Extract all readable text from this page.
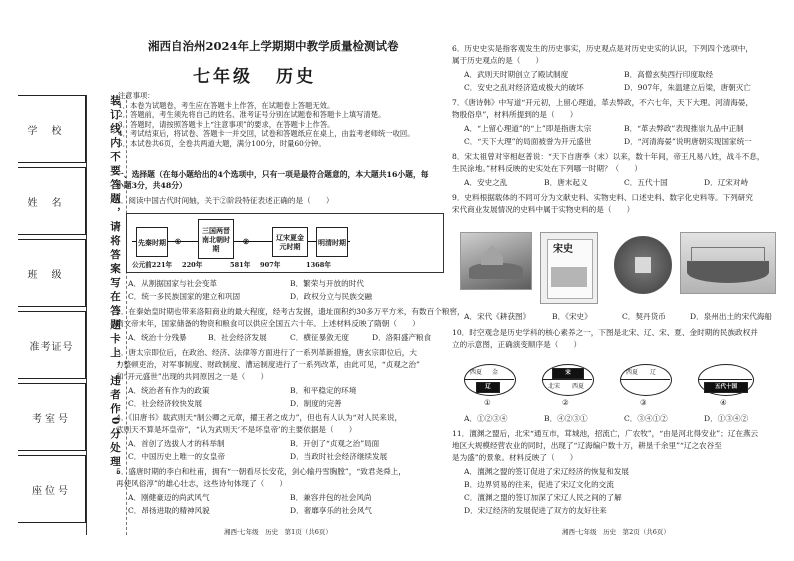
学校
姓名
班级
准考证号
考室号
座位号
装订线内不要答题，请将答案写在答题卡上，违者作0分处理。
湘西自治州2024年上学期期中教学质量检测试卷
七年级 历史
注意事项：
1．本卷为试题卷，考生应在答题卡上作答，在试题卷上答题无效。
2．答题前，考生须先将自己的姓名、准考证号分别在试题卷和答题卡上填写清楚。
3．答题时，请按照答题卡上“注意事项”的要求，在答题卡上作答。
4．考试结束后，将试卷、答题卡一并交回，试卷和答题纸应在桌上，由监考老师统一收回。
5．本试卷共6页，全卷共两道大题，满分100分，时量60分钟。
一、选择题（在每小题给出的4个选项中，只有一项是最符合题意的，本大题共16小题，每
小题3分，共48分）
1．阅读中国古代时间轴，关于②阶段特征表述正确的是（　　）
先秦时期	①
三国两晋南北朝时期
②	辽宋夏金元时期	明清时期
公元前221年 220年	581年 907年	1368年
A．从割据国家与社会变革	B．繁荣与开放的时代
C．统一多民族国家的建立和巩固	D．政权分立与民族交融
2．在秦始皇时期也带来洛阳商业的最大程度，经考古发掘，遗址面积约30多万平方米，有数百个粮窖，
隋文帝末年，国家储备的物资和粮食可以供应全国五六十年。上述材料反映了隋朝（　　）
A．统治十分残暴	B．社会经济发展	C．横征暴敛无度	D．洛阳盛产粮食
3．唐太宗即位后，在政治、经济、法律等方面进行了一系列革新措施，唐玄宗即位后，大
力整顿吏治，对军事制度、财政制度、漕运制度进行了一系列改革，由此可见，“贞观之治”
和“开元盛世”出现的共同原因之一是（　　）
A．统治者有作为的政策	B．和平稳定的环境
C．社会经济较快发展	D．制度的完善
4．《旧唐书》载武则天“制公卿之元章，擢王者之成力”，但也有人认为“对人民来说，
武则天不算是坏皇帝”，“认为武则天‘不是坏皇帝’的主要依据是（　　）
A．首创了选拔人才的科举制	B．开创了“贞观之治”局面
C．中国历史上唯一的女皇帝	D．当政时社会经济继续发展
5．盛唐时期的李白和杜甫，拥有“一朝看尽长安花，剑心输丹雪胸膛”，“致君尧舜上，
再使风俗淳”的雄心壮志，这些诗句体现了（　　）
A．刚健豪迈的尚武风气	B．兼容并包的社会风尚
C．昂扬进取的精神风貌	D．奢靡享乐的社会风气
湘西·七年级　历史　第1页（共6页）
6．历史史实是指客观发生的历史事实，历史观点是对历史史实的认识，下列四个选项中，
属于历史观点的是（　　）
A．武则天时期创立了殿试制度	B．高僧玄奘西行印度取经
C．安史之乱对经济造成极大的破坏	D．907年，朱温建立后梁，唐朝灭亡
7．《唐诗韩》中写道“开元初，上留心理道，革去弊政，不六七年，天下大理。河清海晏，
物殷俗阜”，材料所提到的是（　　）
A．“上留心理道”的“上”即是指唐太宗	B．“革去弊政”表现推崇九品中正制
C．“天下大理”的局面被誉为开元盛世	D．“河清海晏”说明唐朝实现国家统一
8．宋太祖曾对宰相赵普说：“天下自唐季（末）以来，数十年间，帝王凡易八姓，战斗不息，
生民涂地。”材料反映的史实处在下列哪一时期？（　　）
A．安史之乱	B．唐末起义	C．五代十国	D．辽宋对峙
9．史料根据载体的不同可分为文献史料、实物史料、口述史料、数字化史料等。下列研究
宋代商业发展情况的史料中属于实物史料的是（　　）
宋史
A．宋代《耕获图》	B．《宋史》	C．契丹货币	D．泉州出土的宋代海船
10．时空观念是历史学科的核心素养之一，下图是北宋、辽、宋、夏、金时期的民族政权并
立的示意图，正确演变顺序是（　　）
西夏 金
辽
①
宋
北宋 西夏
②
西夏 辽
③
五代十国
④
A．①②③④	B．④②③①	C．③④①②	D．①③④②
11．澶渊之盟后，北宋“通互市，茸城池，招流亡，广农牧”，“由是河北得安业”；辽在燕云
地区大规模经营农业的同时，出现了“辽海编户数十万，耕垦千余里”“辽之农谷至
是为盛”的景象。材料反映了（　　）
A．澶渊之盟的签订促进了宋辽经济的恢复和发展
B．边界贸易的往来，促进了宋辽文化的交流
C．澶渊之盟的签订加深了宋辽人民之间的了解
D．宋辽经济的发展促进了双方的友好往来
湘西·七年级　历史　第2页（共6页）
